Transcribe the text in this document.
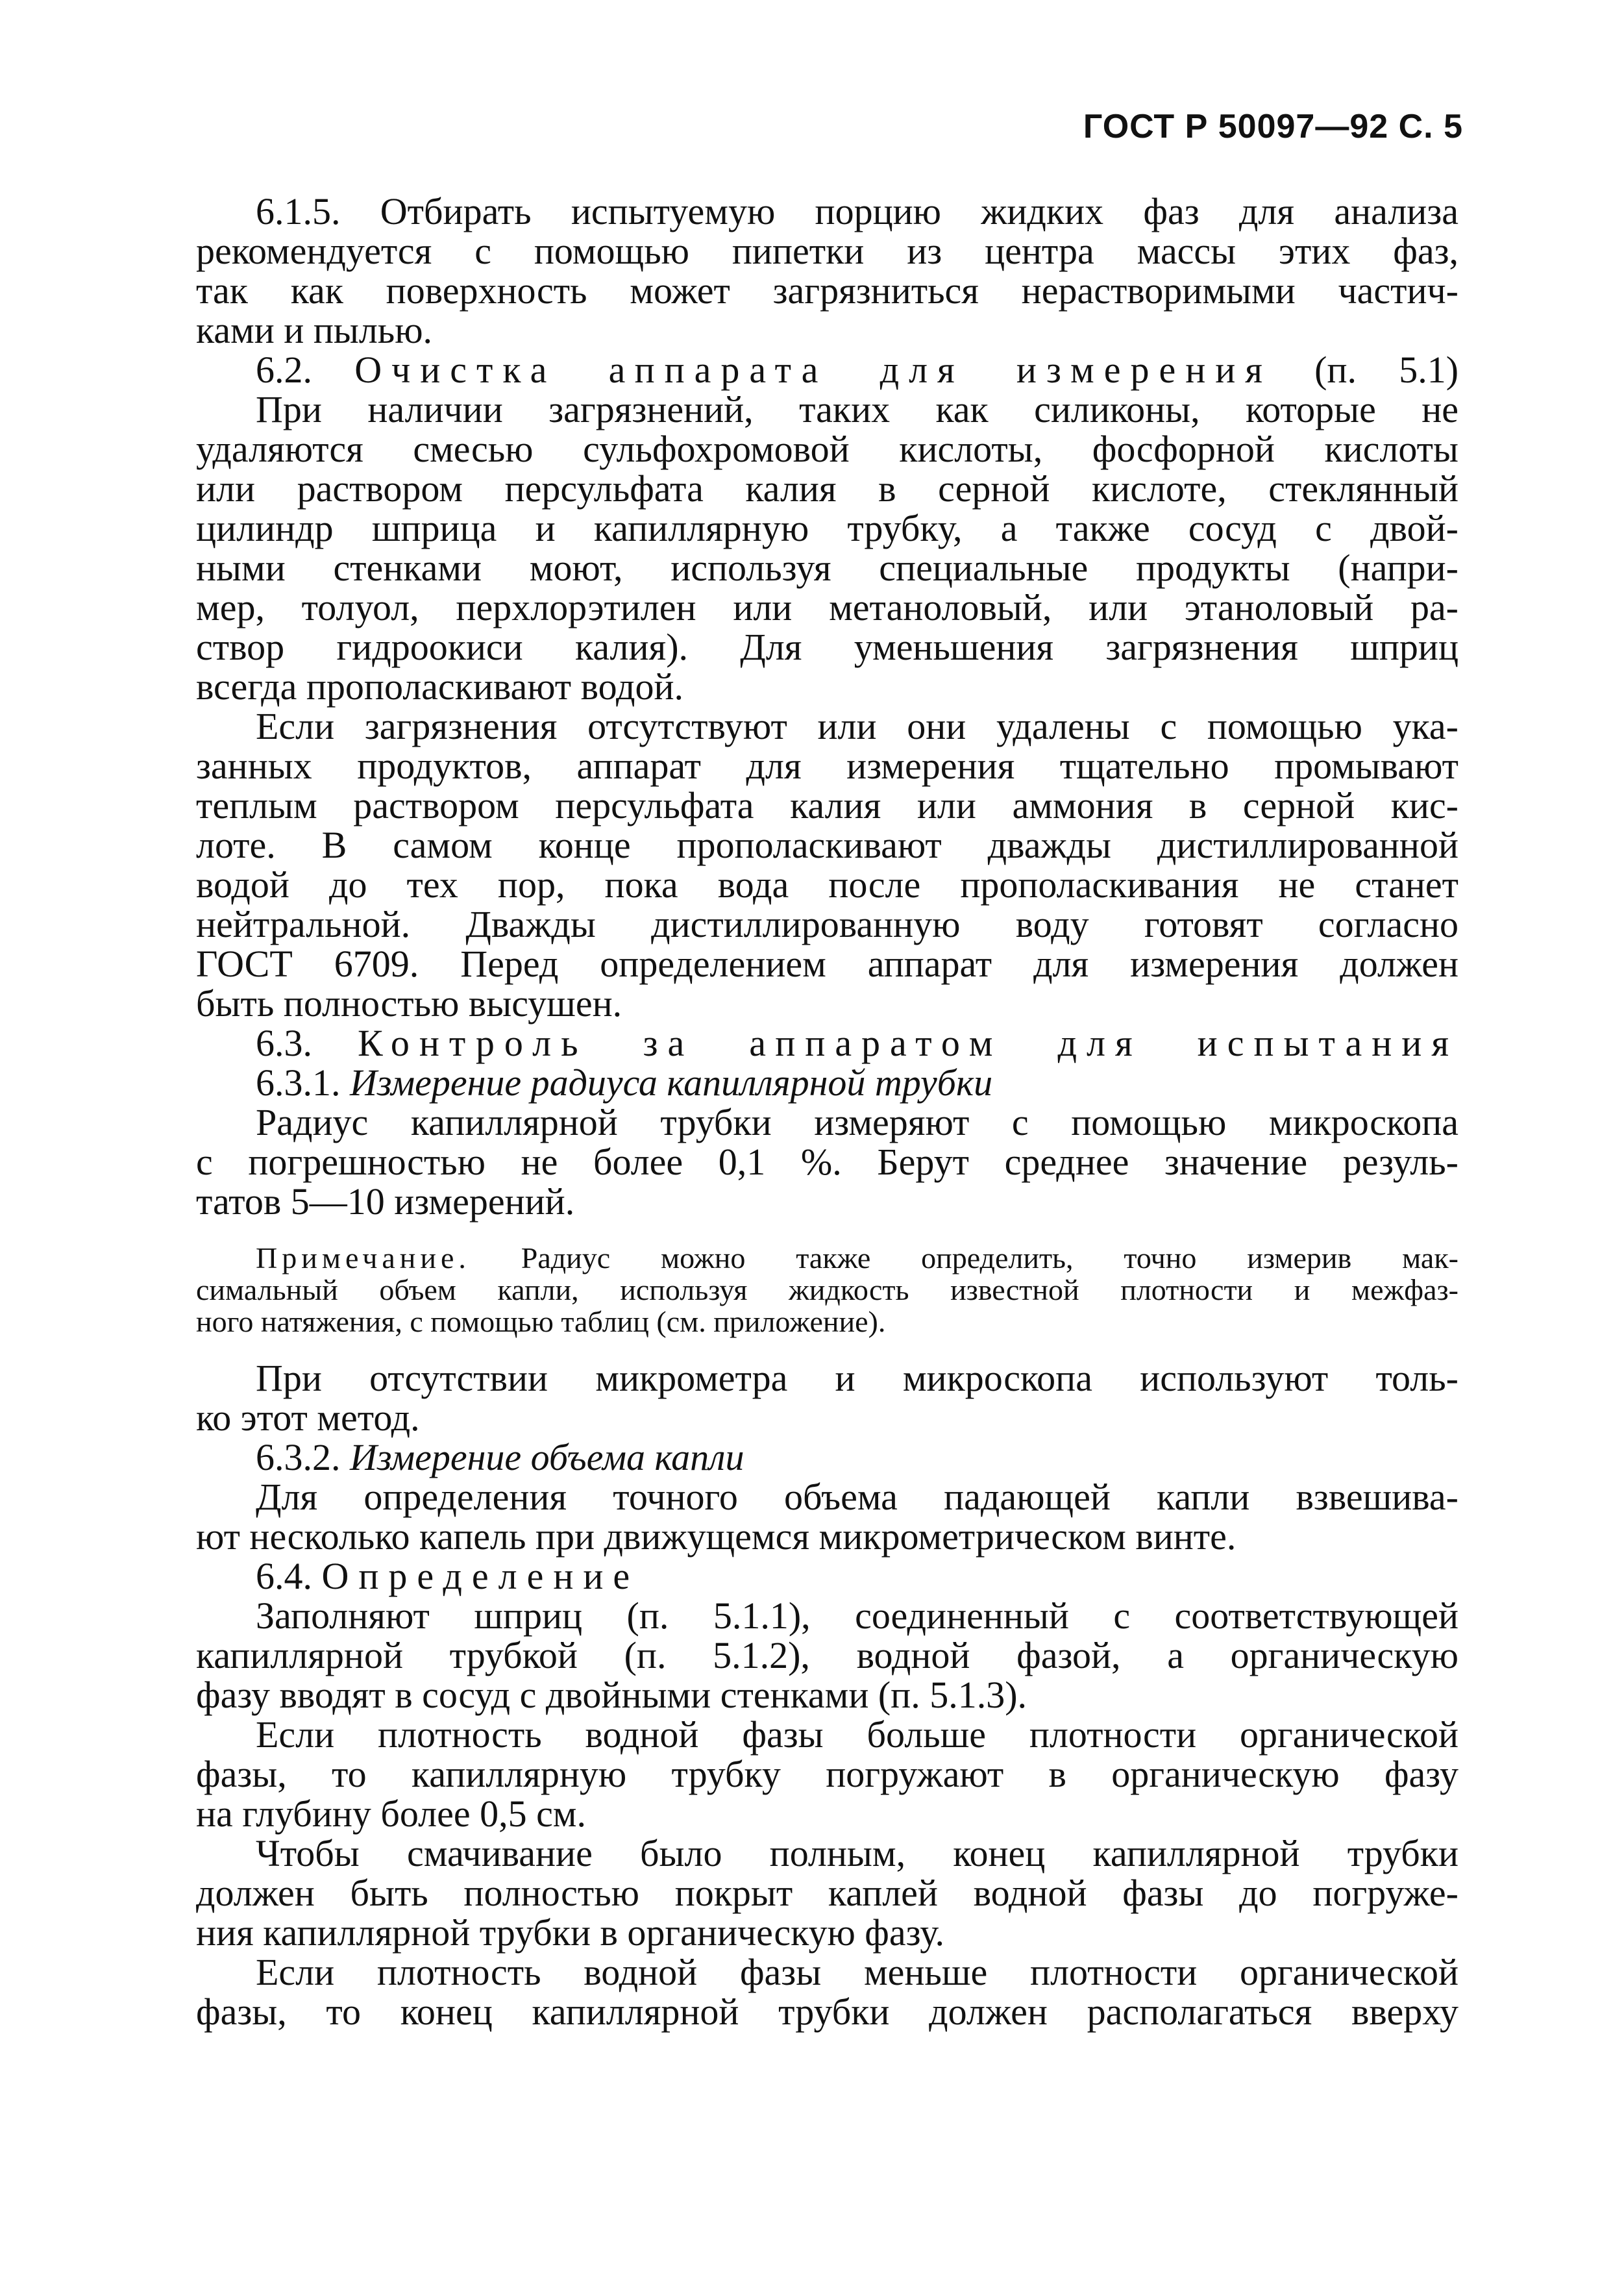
ГОСТ Р 50097—92 С. 5
6.1.5. Отбирать испытуемую порцию жидких фаз для анализа
рекомендуется с помощью пипетки из центра массы этих фаз,
так как поверхность может загрязниться нерастворимыми частич-
ками и пылью.
6.2. Очистка аппарата для измерения (п. 5.1)
При наличии загрязнений, таких как силиконы, которые не
удаляются смесью сульфохромовой кислоты, фосфорной кислоты
или раствором персульфата калия в серной кислоте, стеклянный
цилиндр шприца и капиллярную трубку, а также сосуд с двой-
ными стенками моют, используя специальные продукты (напри-
мер, толуол, перхлорэтилен или метаноловый, или этаноловый ра-
створ гидроокиси калия). Для уменьшения загрязнения шприц
всегда прополаскивают водой.
Если загрязнения отсутствуют или они удалены с помощью ука-
занных продуктов, аппарат для измерения тщательно промывают
теплым раствором персульфата калия или аммония в серной кис-
лоте. В самом конце прополаскивают дважды дистиллированной
водой до тех пор, пока вода после прополаскивания не станет
нейтральной. Дважды дистиллированную воду готовят согласно
ГОСТ 6709. Перед определением аппарат для измерения должен
быть полностью высушен.
6.3. Контроль за аппаратом для испытания
6.3.1. Измерение радиуса капиллярной трубки
Радиус капиллярной трубки измеряют с помощью микроскопа
с погрешностью не более 0,1 %. Берут среднее значение резуль-
татов 5—10 измерений.
Примечание. Радиус можно также определить, точно измерив мак-
симальный объем капли, используя жидкость известной плотности и межфаз-
ного натяжения, с помощью таблиц (см. приложение).
При отсутствии микрометра и микроскопа используют толь-
ко этот метод.
6.3.2. Измерение объема капли
Для определения точного объема падающей капли взвешива-
ют несколько капель при движущемся микрометрическом винте.
6.4. Определение
Заполняют шприц (п. 5.1.1), соединенный с соответствующей
капиллярной трубкой (п. 5.1.2), водной фазой, а органическую
фазу вводят в сосуд с двойными стенками (п. 5.1.3).
Если плотность водной фазы больше плотности органической
фазы, то капиллярную трубку погружают в органическую фазу
на глубину более 0,5 см.
Чтобы смачивание было полным, конец капиллярной трубки
должен быть полностью покрыт каплей водной фазы до погруже-
ния капиллярной трубки в органическую фазу.
Если плотность водной фазы меньше плотности органической
фазы, то конец капиллярной трубки должен располагаться вверху
